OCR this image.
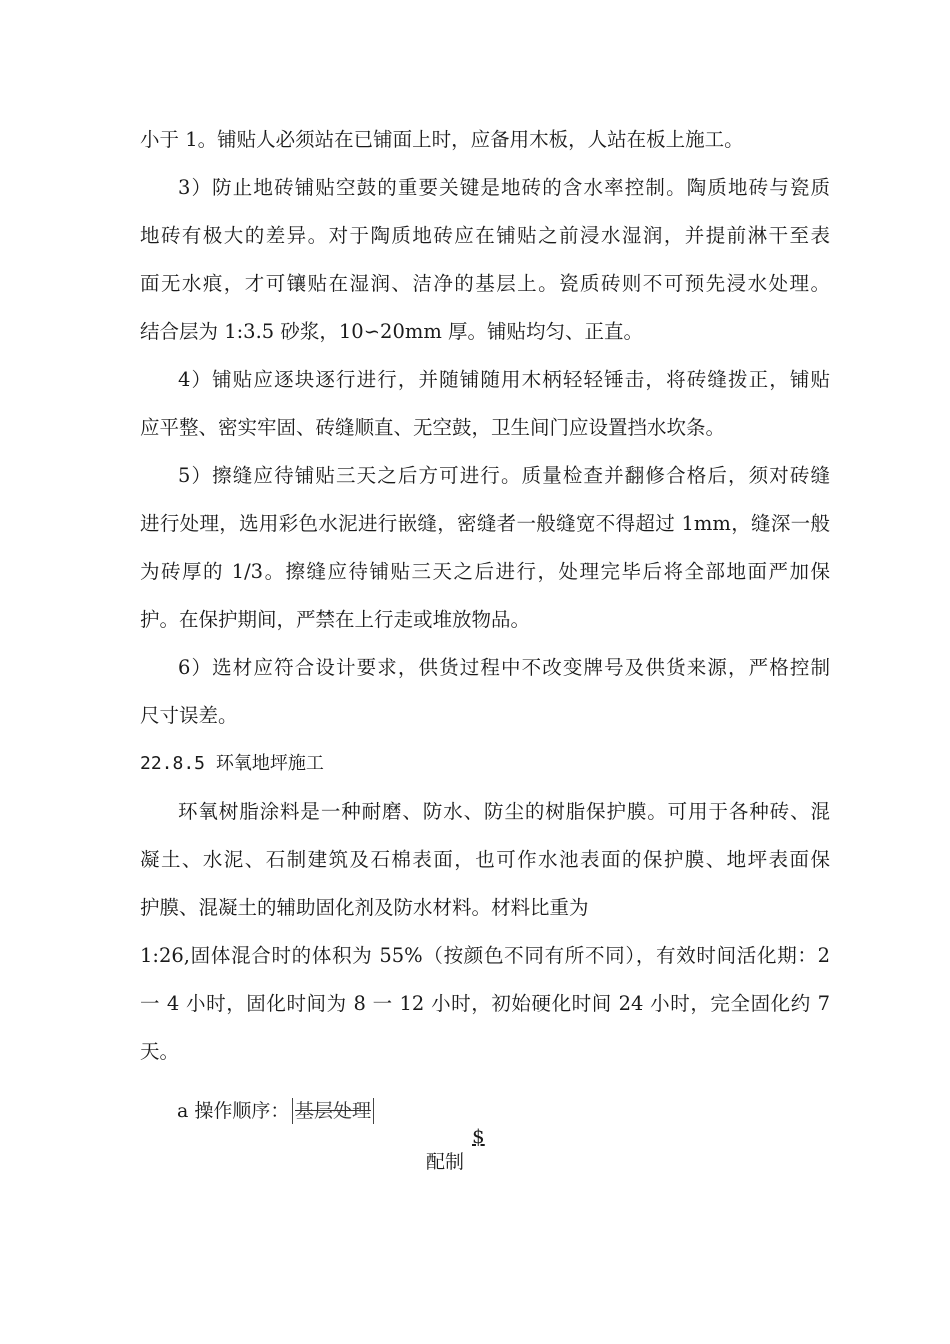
小于 1。铺贴人必须站在已铺面上时，应备用木板，人站在板上施工。
3）防止地砖铺贴空鼓的重要关键是地砖的含水率控制。陶质地砖与瓷质
地砖有极大的差异。对于陶质地砖应在铺贴之前浸水湿润，并提前淋干至表
面无水痕，才可镶贴在湿润、洁净的基层上。瓷质砖则不可预先浸水处理。
结合层为 1:3.5 砂浆，10∽20mm 厚。铺贴均匀、正直。
4）铺贴应逐块逐行进行，并随铺随用木柄轻轻锤击，将砖缝拨正，铺贴
应平整、密实牢固、砖缝顺直、无空鼓，卫生间门应设置挡水坎条。
5）擦缝应待铺贴三天之后方可进行。质量检查并翻修合格后，须对砖缝
进行处理，选用彩色水泥进行嵌缝，密缝者一般缝宽不得超过 1mm，缝深一般
为砖厚的 1/3。擦缝应待铺贴三天之后进行，处理完毕后将全部地面严加保
护。在保护期间，严禁在上行走或堆放物品。
6）选材应符合设计要求，供货过程中不改变牌号及供货来源，严格控制
尺寸误差。
22.8.5 环氧地坪施工
环氧树脂涂料是一种耐磨、防水、防尘的树脂保护膜。可用于各种砖、混
凝土、水泥、石制建筑及石棉表面，也可作水池表面的保护膜、地坪表面保
护膜、混凝土的辅助固化剂及防水材料。材料比重为
1:26,固体混合时的体积为 55%（按颜色不同有所不同），有效时间活化期：2
一 4 小时，固化时间为 8 一 12 小时，初始硬化时间 24 小时，完全固化约 7
天。
a 操作顺序： 基层处理
$
配制
